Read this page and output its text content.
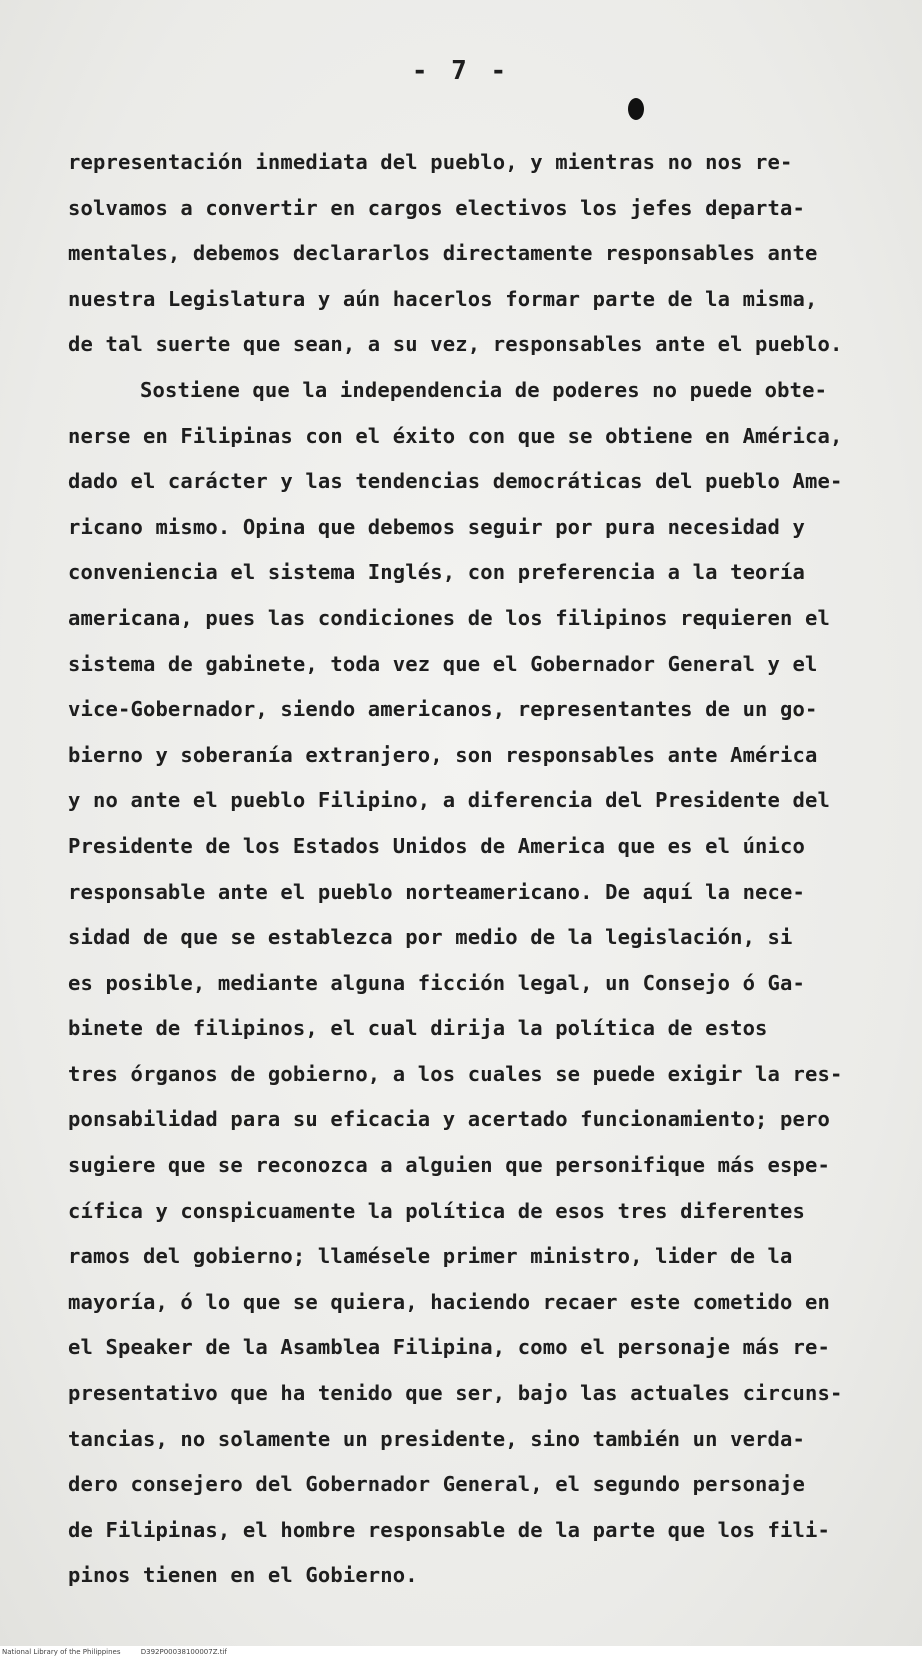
- 7 -
representación inmediata del pueblo, y mientras no nos re-
solvamos a convertir en cargos electivos los jefes departa-
mentales, debemos declararlos directamente responsables ante
nuestra Legislatura y aún hacerlos formar parte de la misma,
de tal suerte que sean, a su vez, responsables ante el pueblo.
Sostiene que la independencia de poderes no puede obte-
nerse en Filipinas con el éxito con que se obtiene en América,
dado el carácter y las tendencias democráticas del pueblo Ame-
ricano mismo. Opina que debemos seguir por pura necesidad y
conveniencia el sistema Inglés, con preferencia a la teoría
americana, pues las condiciones de los filipinos requieren el
sistema de gabinete, toda vez que el Gobernador General y el
vice-Gobernador, siendo americanos, representantes de un go-
bierno y soberanía extranjero, son responsables ante América
y no ante el pueblo Filipino, a diferencia del Presidente del
Presidente de los Estados Unidos de America que es el único
responsable ante el pueblo norteamericano. De aquí la nece-
sidad de que se establezca por medio de la legislación, si
es posible, mediante alguna ficción legal, un Consejo ó Ga-
binete de filipinos, el cual dirija la política de estos
tres órganos de gobierno, a los cuales se puede exigir la res-
ponsabilidad para su eficacia y acertado funcionamiento; pero
sugiere que se reconozca a alguien que personifique más espe-
cífica y conspicuamente la política de esos tres diferentes
ramos del gobierno; llamésele primer ministro, lider de la
mayoría, ó lo que se quiera, haciendo recaer este cometido en
el Speaker de la Asamblea Filipina, como el personaje más re-
presentativo que ha tenido que ser, bajo las actuales circuns-
tancias, no solamente un presidente, sino también un verda-
dero consejero del Gobernador General, el segundo personaje
de Filipinas, el hombre responsable de la parte que los fili-
pinos tienen en el Gobierno.
National Library of the Philippines	D392P00038100007Z.tif
